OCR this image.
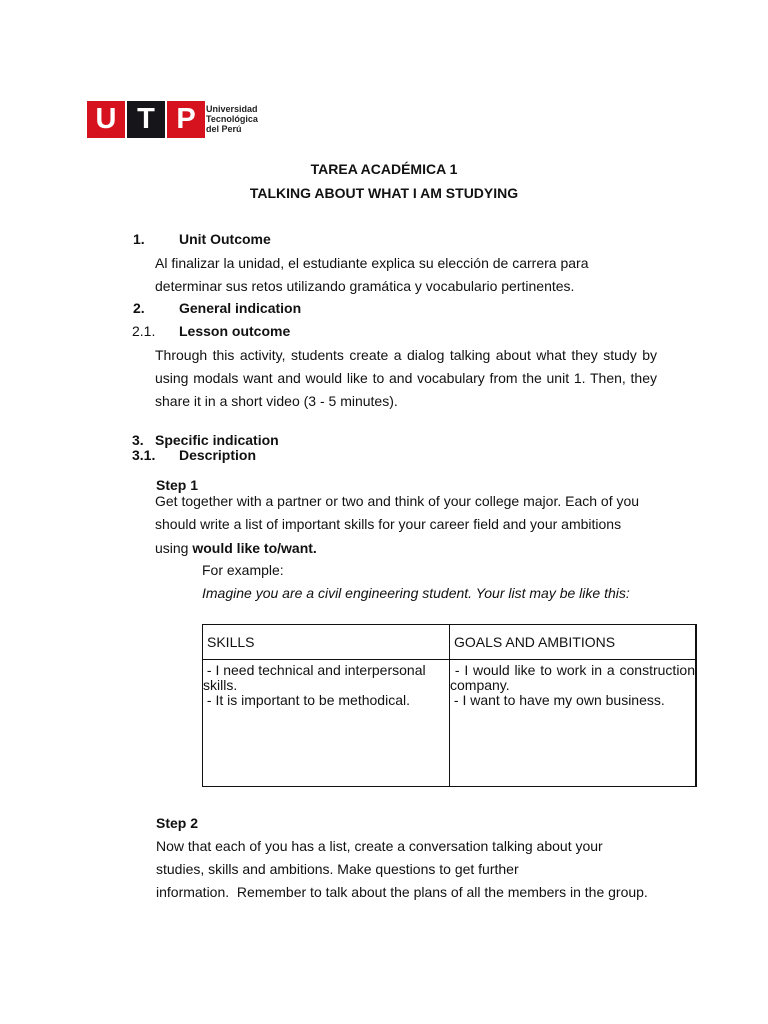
U T P	Universidad
Tecnológica
del Perú
TAREA ACADÉMICA 1
TALKING ABOUT WHAT I AM STUDYING
1. Unit Outcome
Al finalizar la unidad, el estudiante explica su elección de carrera para
determinar sus retos utilizando gramática y vocabulario pertinentes.
2. General indication
2.1. Lesson outcome
Through this activity, students create a dialog talking about what they study by
using modals want and would like to and vocabulary from the unit 1. Then, they
share it in a short video (3 - 5 minutes).
3. Specific indication
3.1. Description
Step 1
Get together with a partner or two and think of your college major. Each of you
should write a list of important skills for your career field and your ambitions
using would like to/want.
For example:
Imagine you are a civil engineering student. Your list may be like this:
SKILLS	GOALS AND AMBITIONS

- I need technical and interpersonal
skills.
- It is important to be methodical.	- I would like to work in a construction
company.
- I want to have my own business.
Step 2
Now that each of you has a list, create a conversation talking about your
studies, skills and ambitions. Make questions to get further
information.  Remember to talk about the plans of all the members in the group.
